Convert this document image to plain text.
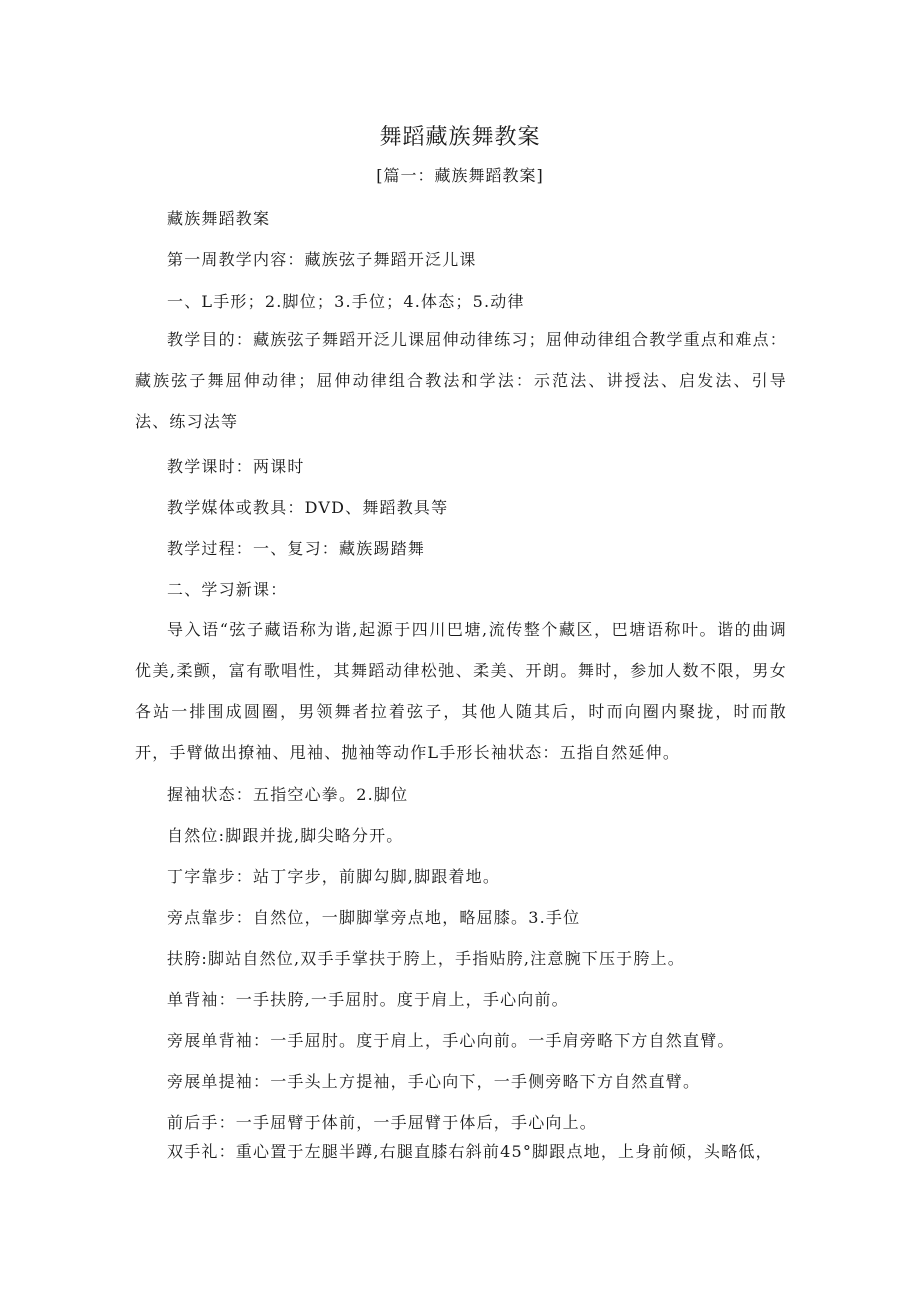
舞蹈藏族舞教案
[篇一：藏族舞蹈教案]
藏族舞蹈教案
第一周教学内容：藏族弦子舞蹈开泛儿课
一、L手形；2.脚位；3.手位；4.体态；5.动律
教学目的：藏族弦子舞蹈开泛儿课屈伸动律练习；屈伸动律组合教学重点和难点：藏族弦子舞屈伸动律；屈伸动律组合教法和学法：示范法、讲授法、启发法、引导法、练习法等
教学课时：两课时
教学媒体或教具：DVD、舞蹈教具等
教学过程：一、复习：藏族踢踏舞
二、学习新课：
导入语“弦子藏语称为谐,起源于四川巴塘,流传整个藏区，巴塘语称叶。谐的曲调优美,柔颤，富有歌唱性，其舞蹈动律松弛、柔美、开朗。舞时，参加人数不限，男女各站一排围成圆圈，男领舞者拉着弦子，其他人随其后，时而向圈内聚拢，时而散开，手臂做出撩袖、甩袖、抛袖等动作L手形长袖状态：五指自然延伸。
握袖状态：五指空心拳。2.脚位
自然位:脚跟并拢,脚尖略分开。
丁字靠步：站丁字步，前脚勾脚,脚跟着地。
旁点靠步：自然位，一脚脚掌旁点地，略屈膝。3.手位
扶胯:脚站自然位,双手手掌扶于胯上，手指贴胯,注意腕下压于胯上。
单背袖：一手扶胯,一手屈肘。度于肩上，手心向前。
旁展单背袖：一手屈肘。度于肩上，手心向前。一手肩旁略下方自然直臂。
旁展单提袖：一手头上方提袖，手心向下，一手侧旁略下方自然直臂。
前后手：一手屈臂于体前，一手屈臂于体后，手心向上。
双手礼：重心置于左腿半蹲,右腿直膝右斜前45°脚跟点地，上身前倾，头略低，
